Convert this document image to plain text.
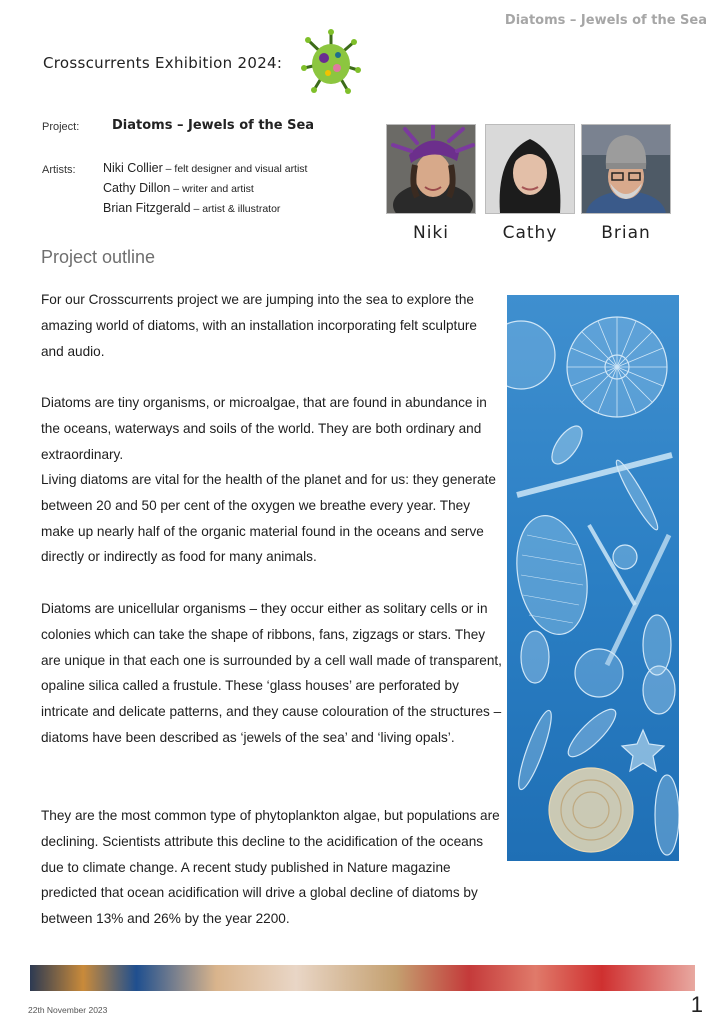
Diatoms – Jewels of the Sea
Crosscurrents Exhibition 2024:
Project:	Diatoms – Jewels of the Sea
Artists: Niki Collier – felt designer and visual artist
Cathy Dillon – writer and artist
Brian Fitzgerald – artist & illustrator
Niki	Cathy	Brian
Project outline

For our Crosscurrents project we are jumping into the sea to explore the amazing world of diatoms, with an installation incorporating felt sculpture and audio.

Diatoms are tiny organisms, or microalgae, that are found in abundance in the oceans, waterways and soils of the world. They are both ordinary and extraordinary.

Living diatoms are vital for the health of the planet and for us: they generate between 20 and 50 per cent of the oxygen we breathe every year. They make up nearly half of the organic material found in the oceans and serve directly or indirectly as food for many animals.

Diatoms are unicellular organisms – they occur either as solitary cells or in colonies which can take the shape of ribbons, fans, zigzags or stars. They are unique in that each one is surrounded by a cell wall made of transparent, opaline silica called a frustule. These ‘glass houses’ are perforated by intricate and delicate patterns, and they cause colouration of the structures – diatoms have been described as ‘jewels of the sea’ and ‘living opals’.

They are the most common type of phytoplankton algae, but populations are declining. Scientists attribute this decline to the acidification of the oceans due to climate change. A recent study published in Nature magazine predicted that ocean acidification will drive a global decline of diatoms by between 13% and 26% by the year 2200.

22th November 2023	1
